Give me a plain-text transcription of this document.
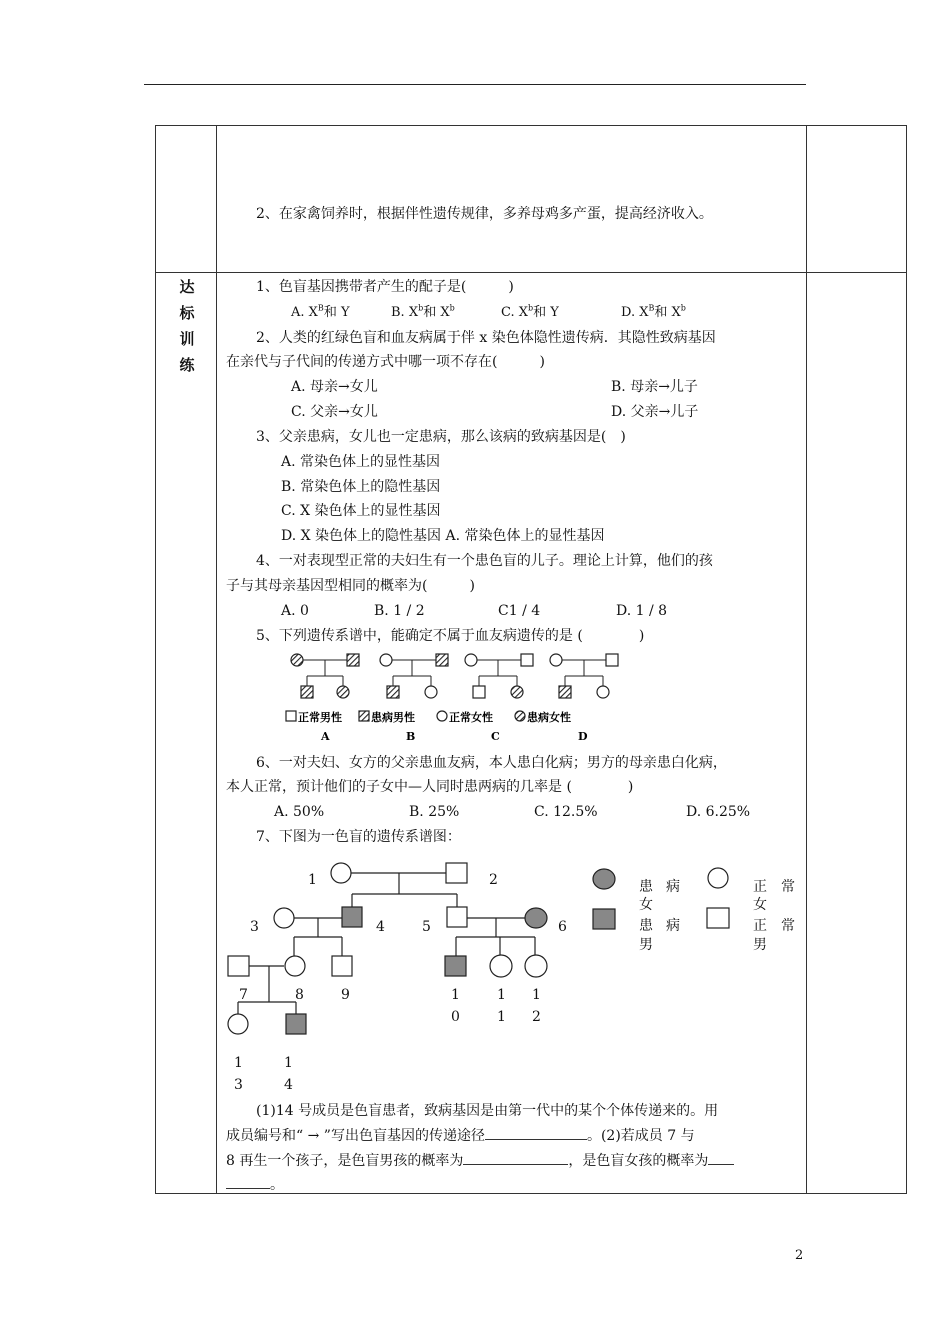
2、在家禽饲养时，根据伴性遗传规律，多养母鸡多产蛋，提高经济收入。
达
标
训
练
1、色盲基因携带者产生的配子是(　　　)
A. $X^B$和 Y	B. $X^b$和 $X^b$	C. $X^b$和 Y	D. $X^B$和 $X^b$
2、人类的红绿色盲和血友病属于伴 x 染色体隐性遗传病．其隐性致病基因
在亲代与子代间的传递方式中哪一项不存在(　　　)
A. 母亲→女儿	B. 母亲→儿子
C. 父亲→女儿	D. 父亲→儿子
3、父亲患病，女儿也一定患病，那么该病的致病基因是(　)
A. 常染色体上的显性基因
B. 常染色体上的隐性基因
C. X 染色体上的显性基因
D. X 染色体上的隐性基因 A. 常染色体上的显性基因
4、一对表现型正常的夫妇生有一个患色盲的儿子。理论上计算，他们的孩
子与其母亲基因型相同的概率为(　　　)
A. 0	B. 1 / 2	C1 / 4	D. 1 / 8
5、下列遗传系谱中，能确定不属于血友病遗传的是 (　　　　)
正常男性	患病男性	正常女性	患病女性
A	B	C	D
6、一对夫妇、女方的父亲患血友病，本人患白化病；男方的母亲患白化病，
本人正常，预计他们的子女中—人同时患两病的几率是 (　　　　)
A. 50%	B. 25%	C. 12.5%	D. 6.25%
7、下图为一色盲的遗传系谱图：
1	2
3	4	5	6
7	8	9	1
0
1
1
1
2
1
3
1
4
患 病
女
患 病
男
正 常
女
正 常
男
(1)14 号成员是色盲患者，致病基因是由第一代中的某个个体传递来的。用
成员编号和“ → ”写出色盲基因的传递途径	。(2)若成员 7 与
8 再生一个孩子，是色盲男孩的概率为	，是色盲女孩的概率为
。
2
